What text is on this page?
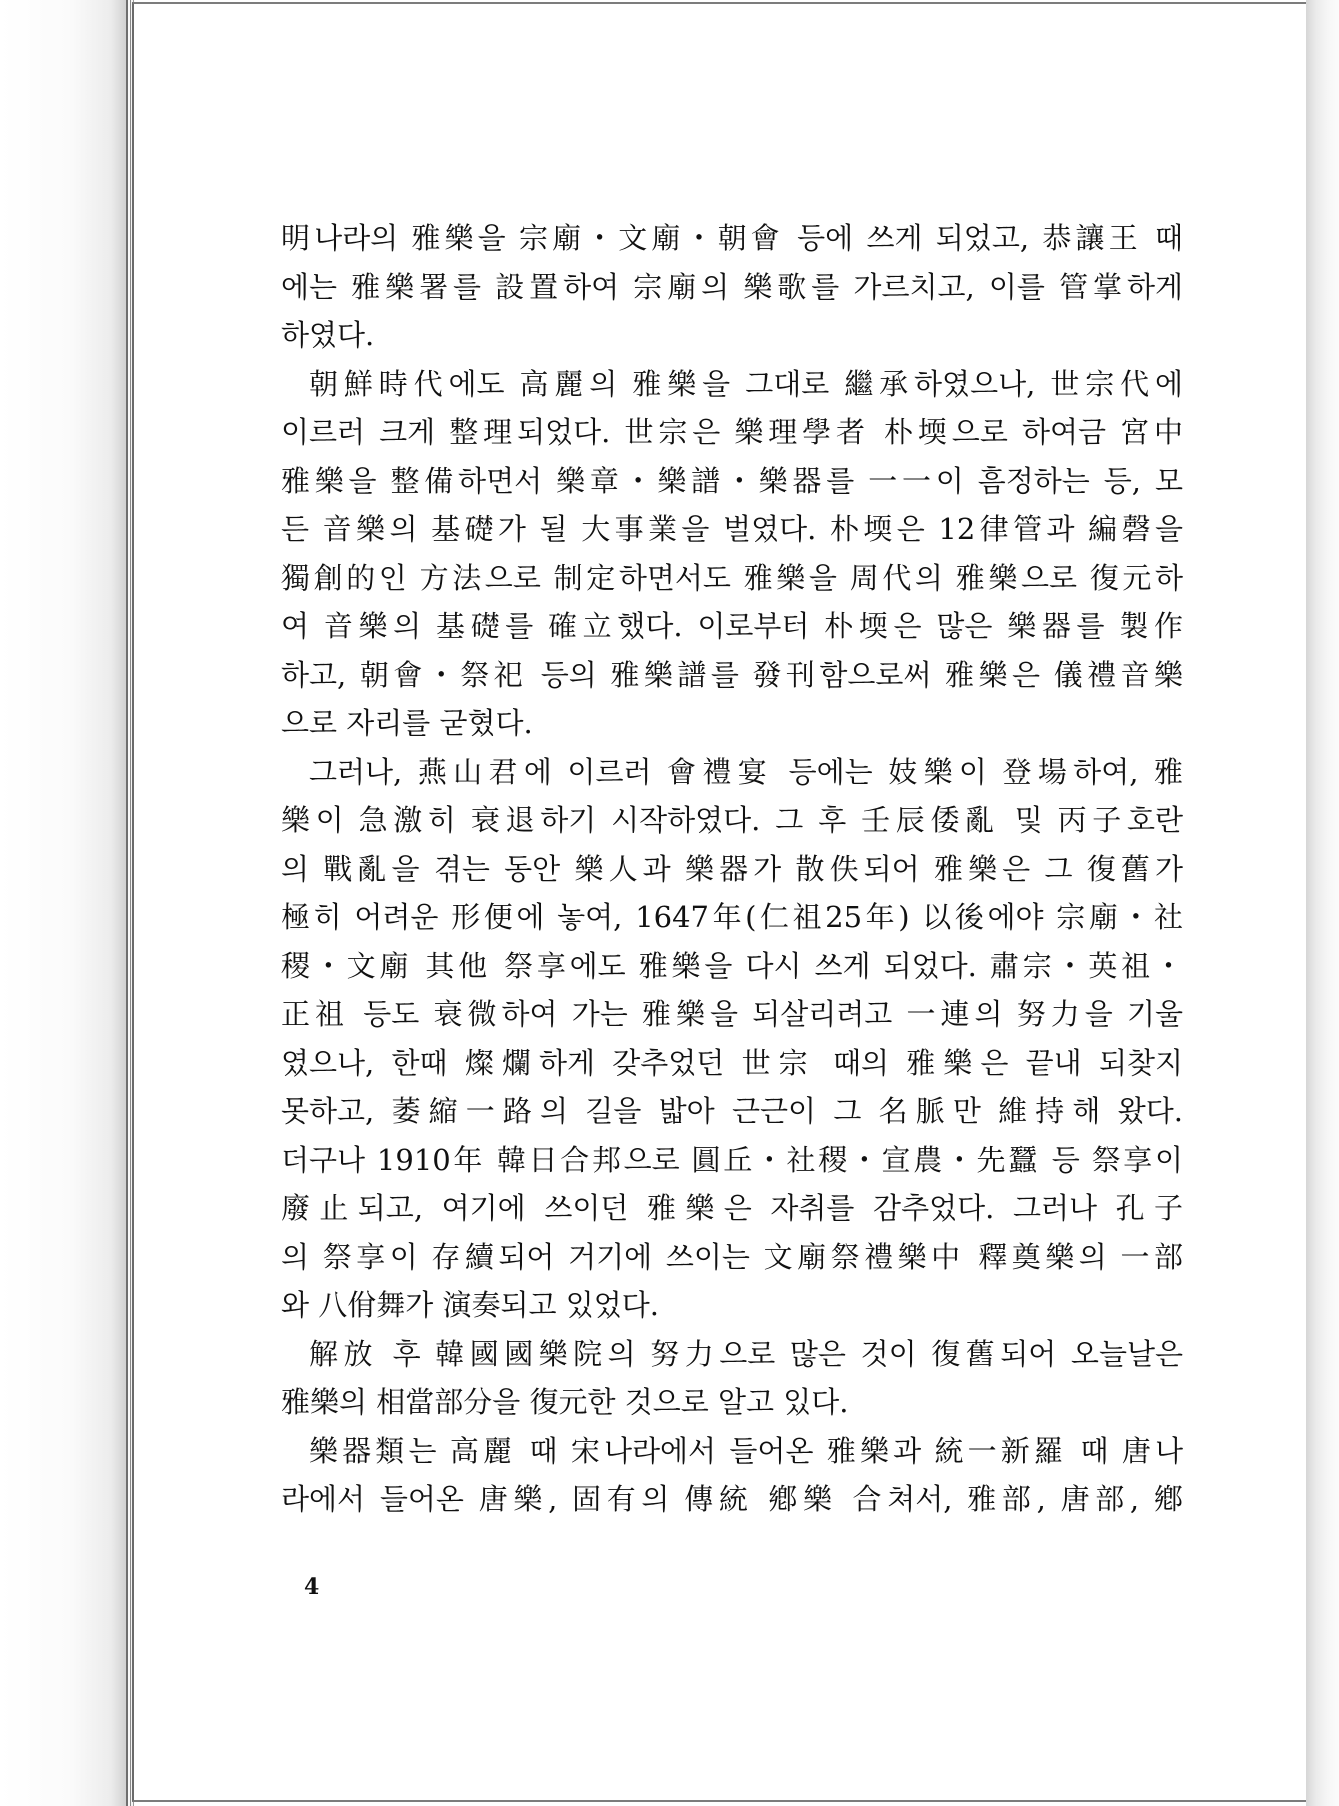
明나라의 雅樂을 宗廟・文廟・朝會 등에 쓰게 되었고, 恭讓王 때
에는 雅樂署를 設置하여 宗廟의 樂歌를 가르치고, 이를 管掌하게
하였다.
朝鮮時代에도 高麗의 雅樂을 그대로 繼承하였으나, 世宗代에
이르러 크게 整理되었다. 世宗은 樂理學者 朴堧으로 하여금 宮中
雅樂을 整備하면서 樂章・樂譜・樂器를 一一이 흠정하는 등, 모
든 音樂의 基礎가 될 大事業을 벌였다. 朴堧은 12律管과 編磬을
獨創的인 方法으로 制定하면서도 雅樂을 周代의 雅樂으로 復元하
여 音樂의 基礎를 確立했다. 이로부터 朴堧은 많은 樂器를 製作
하고, 朝會・祭祀 등의 雅樂譜를 發刊함으로써 雅樂은 儀禮音樂
으로 자리를 굳혔다.
그러나, 燕山君에 이르러 會禮宴 등에는 妓樂이 登場하여, 雅
樂이 急激히 衰退하기 시작하였다. 그 후 壬辰倭亂 및 丙子호란
의 戰亂을 겪는 동안 樂人과 樂器가 散佚되어 雅樂은 그 復舊가
極히 어려운 形便에 놓여, 1647年(仁祖25年) 以後에야 宗廟・社
稷・文廟 其他 祭享에도 雅樂을 다시 쓰게 되었다. 肅宗・英祖・
正祖 등도 衰微하여 가는 雅樂을 되살리려고 一連의 努力을 기울
였으나, 한때 燦爛하게 갖추었던 世宗 때의 雅樂은 끝내 되찾지
못하고, 萎縮一路의 길을 밟아 근근이 그 名脈만 維持해 왔다.
더구나 1910年 韓日合邦으로 圓丘・社稷・宣農・先蠶 등 祭享이
廢止되고, 여기에 쓰이던 雅樂은 자취를 감추었다. 그러나 孔子
의 祭享이 存續되어 거기에 쓰이는 文廟祭禮樂中 釋奠樂의 一部
와 八佾舞가 演奏되고 있었다.
解放 후 韓國國樂院의 努力으로 많은 것이 復舊되어 오늘날은
雅樂의 相當部分을 復元한 것으로 알고 있다.
樂器類는 高麗 때 宋나라에서 들어온 雅樂과 統一新羅 때 唐나
라에서 들어온 唐樂, 固有의 傳統 鄕樂 合쳐서, 雅部, 唐部, 鄕
4
